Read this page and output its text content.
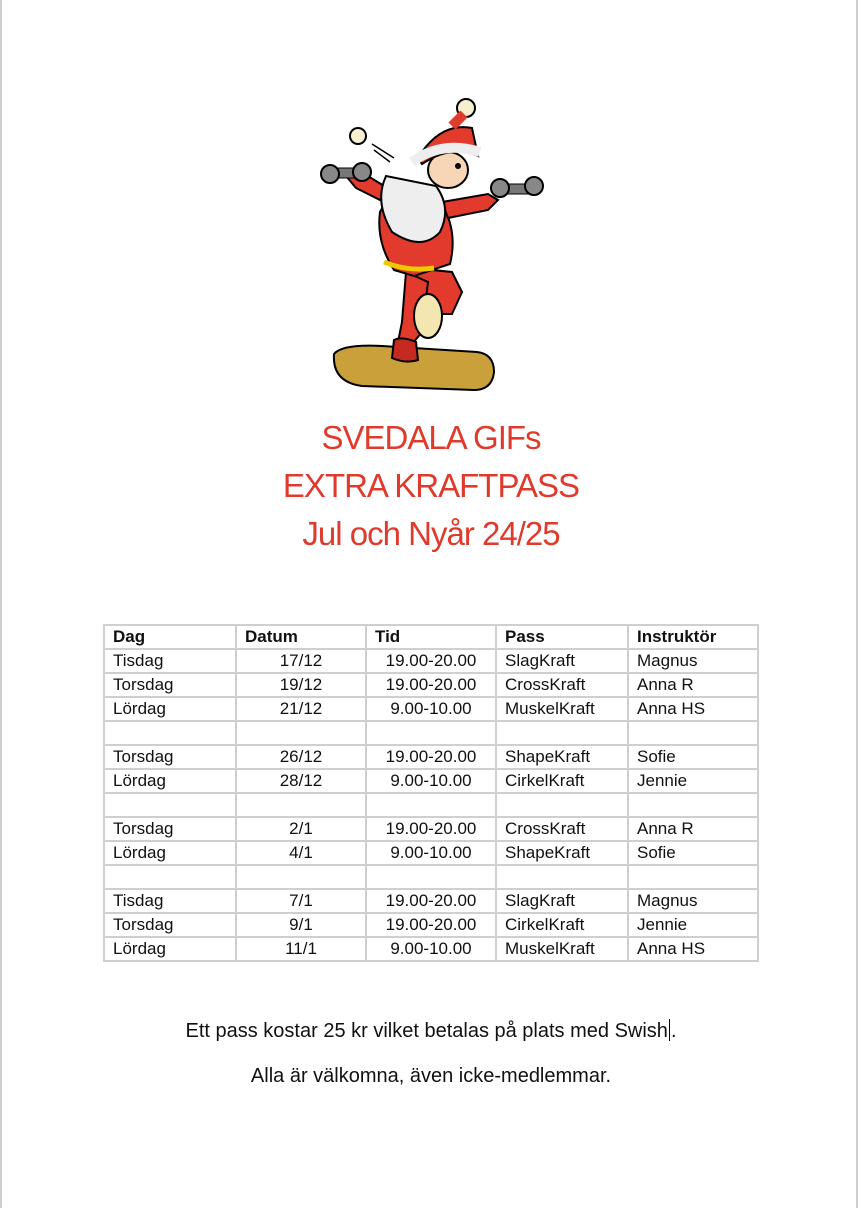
SVEDALA GIFs
EXTRA KRAFTPASS
Jul och Nyår 24/25
Dag	Datum	Tid	Pass	Instruktör
Tisdag	17/12	19.00-20.00	SlagKraft	Magnus
Torsdag	19/12	19.00-20.00	CrossKraft	Anna R
Lördag	21/12	9.00-10.00	MuskelKraft	Anna HS

Torsdag	26/12	19.00-20.00	ShapeKraft	Sofie
Lördag	28/12	9.00-10.00	CirkelKraft	Jennie

Torsdag	2/1	19.00-20.00	CrossKraft	Anna R
Lördag	4/1	9.00-10.00	ShapeKraft	Sofie

Tisdag	7/1	19.00-20.00	SlagKraft	Magnus
Torsdag	9/1	19.00-20.00	CirkelKraft	Jennie
Lördag	11/1	9.00-10.00	MuskelKraft	Anna HS
Ett pass kostar 25 kr vilket betalas på plats med Swish .
Alla är välkomna, även icke-medlemmar.
